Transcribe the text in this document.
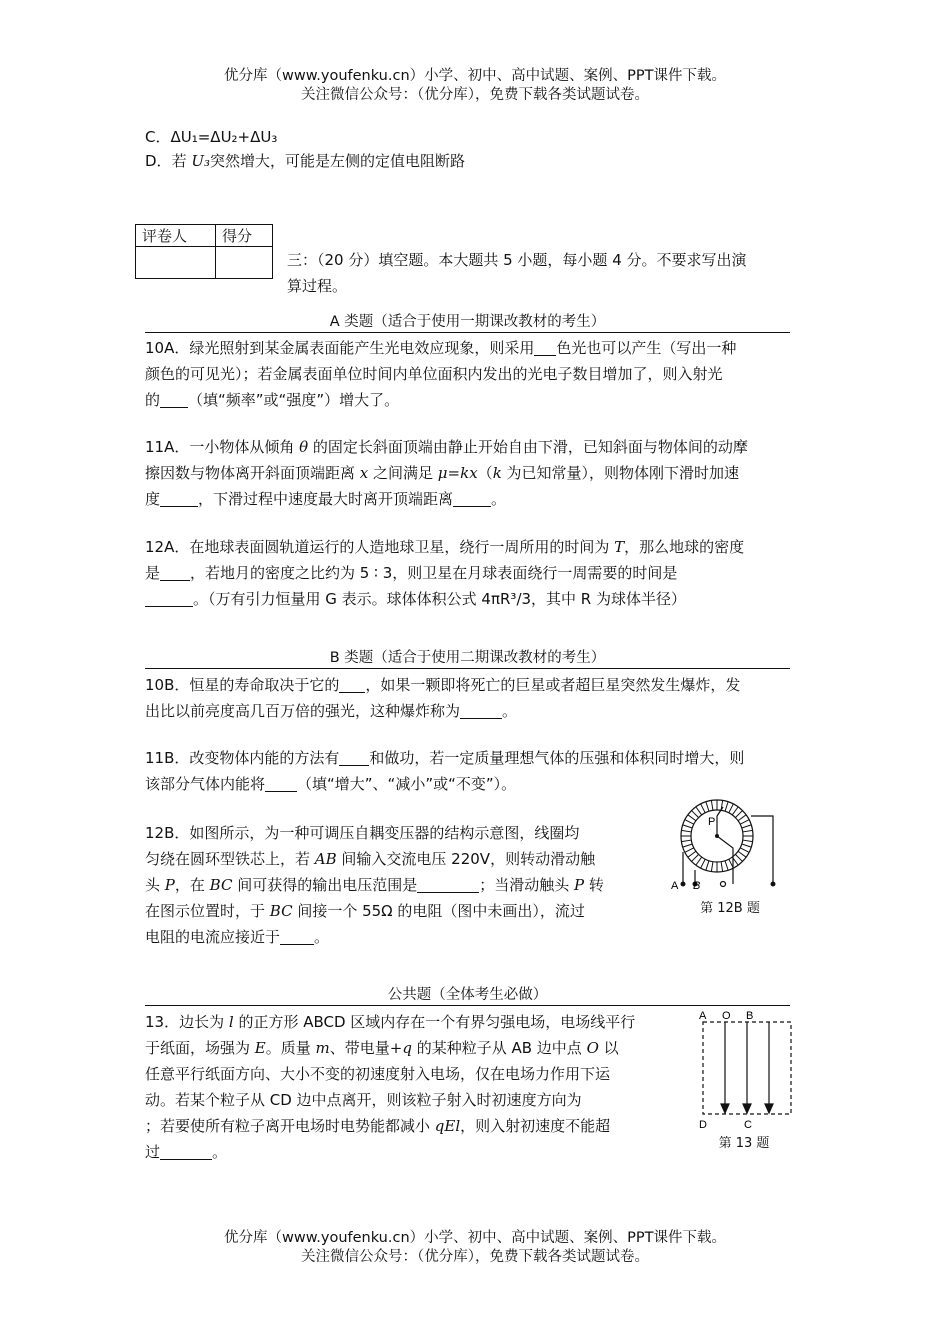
优分库（www.youfenku.cn）小学、初中、高中试题、案例、PPT课件下载。
关注微信公众号：（优分库），免费下载各类试题试卷。
C．ΔU₁=ΔU₂+ΔU₃
D．若 U₃突然增大，可能是左侧的定值电阻断路
评卷人	得分

三：（20 分）填空题。本大题共 5 小题，每小题 4 分。不要求写出演
算过程。
A 类题（适合于使用一期课改教材的考生）
10A．绿光照射到某金属表面能产生光电效应现象，则采用 色光也可以产生（写出一种
颜色的可见光）；若金属表面单位时间内单位面积内发出的光电子数目增加了，则入射光
的 （填“频率”或“强度”）增大了。
11A．一小物体从倾角 θ 的固定长斜面顶端由静止开始自由下滑，已知斜面与物体间的动摩
擦因数与物体离开斜面顶端距离 x 之间满足 μ=kx（k 为已知常量），则物体刚下滑时加速
度	，下滑过程中速度最大时离开顶端距离	。
12A．在地球表面圆轨道运行的人造地球卫星，绕行一周所用的时间为 T，那么地球的密度
是 ，若地月的密度之比约为 5 ∶ 3，则卫星在月球表面绕行一周需要的时间是
。（万有引力恒量用 G 表示。球体体积公式 4πR³/3，其中 R 为球体半径）
B 类题（适合于使用二期课改教材的考生）
10B．恒星的寿命取决于它的 ，如果一颗即将死亡的巨星或者超巨星突然发生爆炸，发
出比以前亮度高几百万倍的强光，这种爆炸称为	。
11B．改变物体内能的方法有 和做功，若一定质量理想气体的压强和体积同时增大，则
该部分气体内能将 （填“增大”、“减小”或“不变”）。
12B．如图所示，为一种可调压自耦变压器的结构示意图，线圈均
匀绕在圆环型铁芯上，若 AB 间输入交流电压 220V，则转动滑动触
头 P，在 BC 间可获得的输出电压范围是	；当滑动触头 P 转
在图示位置时，于 BC 间接一个 55Ω 的电阻（图中未画出），流过
电阻的电流应接近于 。
P
A B
第 12B 题
公共题（全体考生必做）
13．边长为 l 的正方形 ABCD 区域内存在一个有界匀强电场，电场线平行
于纸面，场强为 E。质量 m、带电量+q 的某种粒子从 AB 边中点 O 以
任意平行纸面方向、大小不变的初速度射入电场，仅在电场力作用下运
动。若某个粒子从 CD 边中点离开，则该粒子射入时初速度方向为
；若要使所有粒子离开电场时电势能都减小 qEl，则入射初速度不能超
过	。
A O B
D	C
第 13 题
优分库（www.youfenku.cn）小学、初中、高中试题、案例、PPT课件下载。
关注微信公众号：（优分库），免费下载各类试题试卷。
